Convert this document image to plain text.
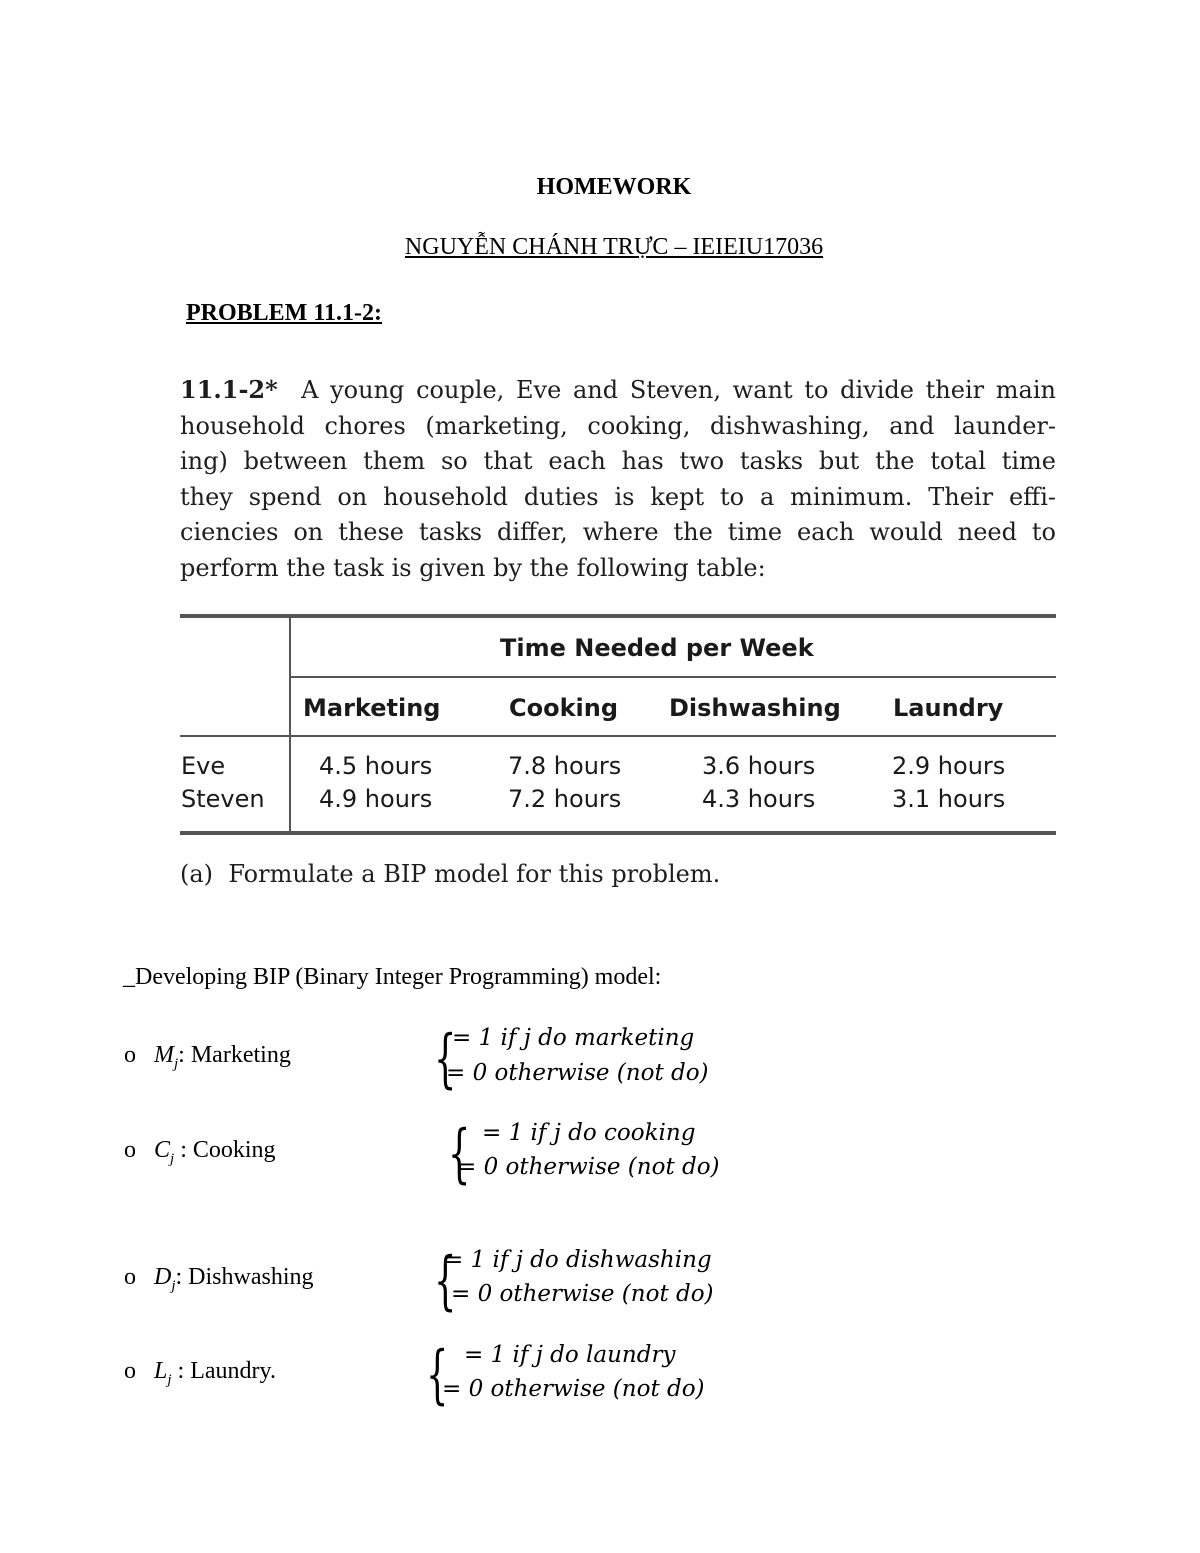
HOMEWORK
NGUYỄN CHÁNH TRỰC – IEIEIU17036
PROBLEM 11.1-2:
11.1-2* A young couple, Eve and Steven, want to divide their main
household chores (marketing, cooking, dishwashing, and launder-
ing) between them so that each has two tasks but the total time
they spend on household duties is kept to a minimum. Their effi-
ciencies on these tasks differ, where the time each would need to
perform the task is given by the following table:
Time Needed per Week
Marketing	Cooking Dishwashing Laundry
Eve	4.5 hours	7.8 hours	3.6 hours	2.9 hours
Steven 4.9 hours	7.2 hours	4.3 hours	3.1 hours
(a) Formulate a BIP model for this problem.
_Developing BIP (Binary Integer Programming) model:
o $M_j$: Marketing {
= 1 if j do marketing
= 0 otherwise (not do)
o $C_j$ : Cooking	{ = 1 if j do cooking
= 0 otherwise (not do)
o $D_j$: Dishwashing {
= 1 if j do dishwashing
= 0 otherwise (not do)
o $L_j$ : Laundry. { = 1 if j do laundry
= 0 otherwise (not do)
